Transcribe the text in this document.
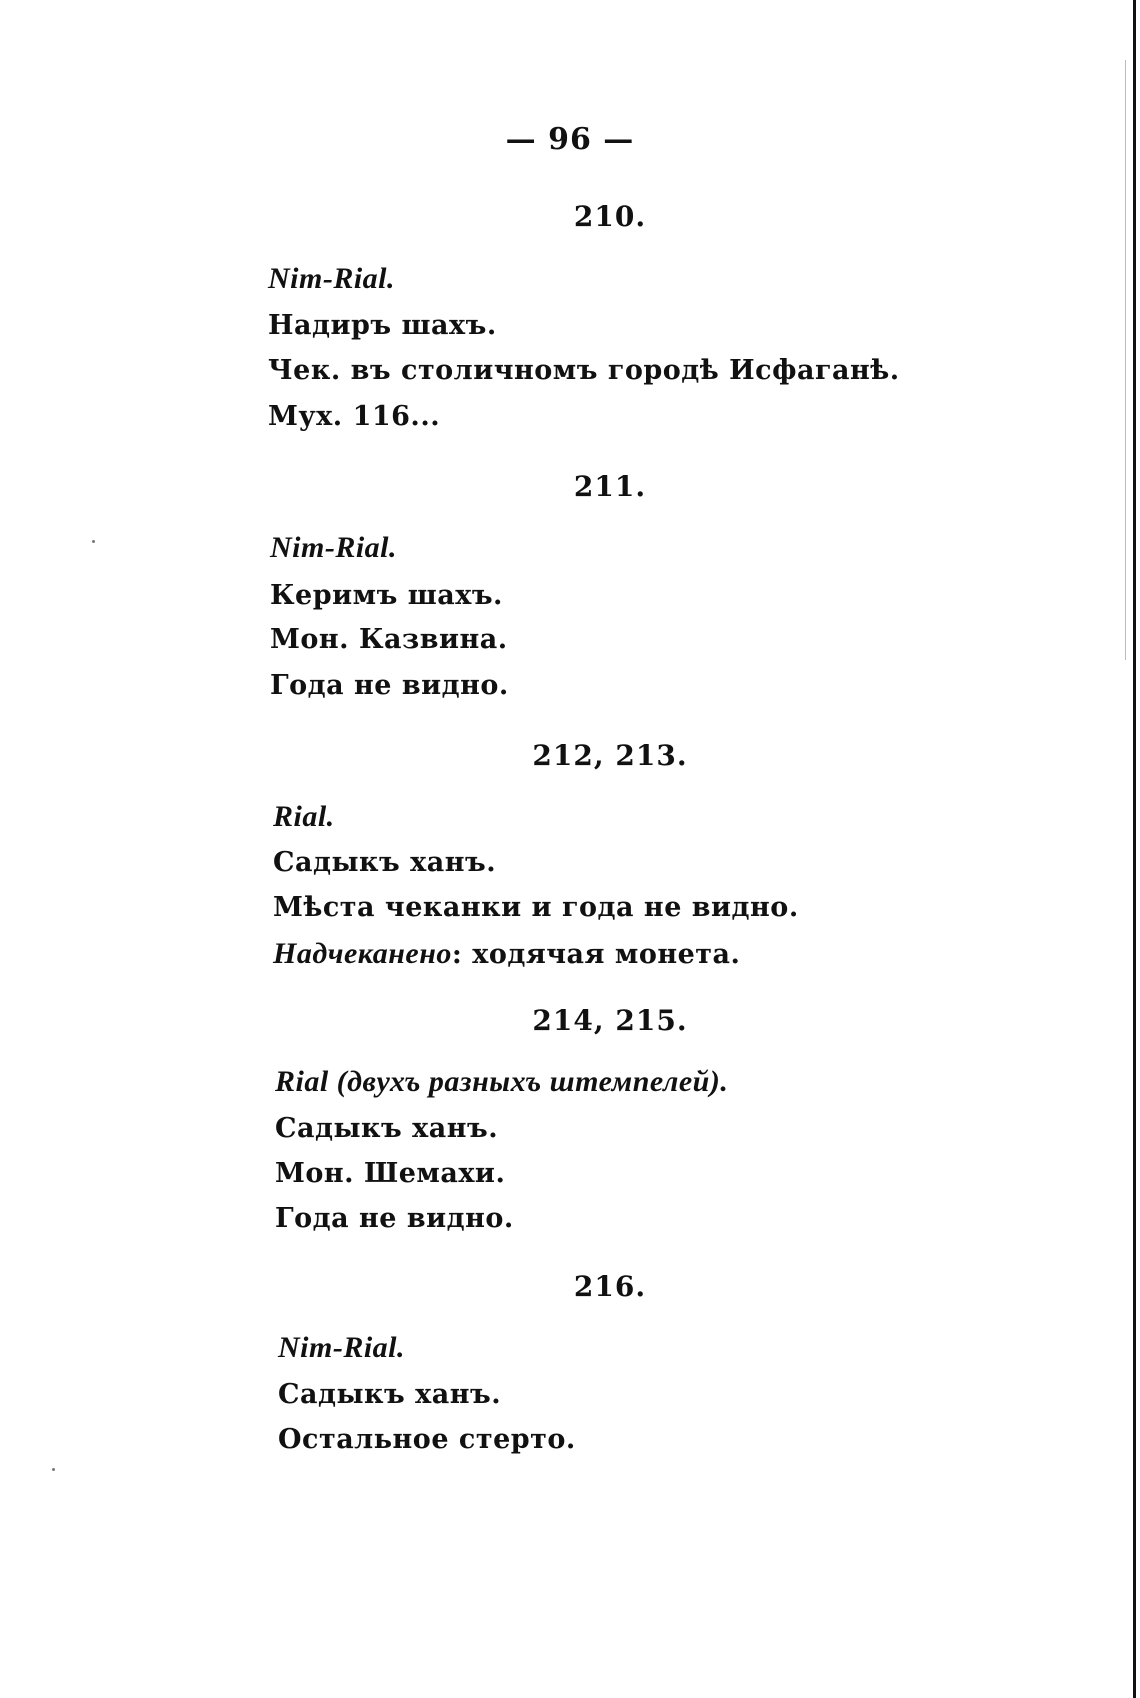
— 96 —
210.
Nim-Rial.
Надиръ шахъ.
Чек. въ столичномъ городѣ Исфаганѣ.
Мух. 116...
211.
Nim-Rial.
Керимъ шахъ.
Мон. Казвина.
Года не видно.
212, 213.
Rial.
Садыкъ ханъ.
Мѣста чеканки и года не видно.
Надчеканено: ходячая монета.
214, 215.
Rial (двухъ разныхъ штемпелей).
Садыкъ ханъ.
Мон. Шемахи.
Года не видно.
216.
Nim-Rial.
Садыкъ ханъ.
Остальное стерто.
